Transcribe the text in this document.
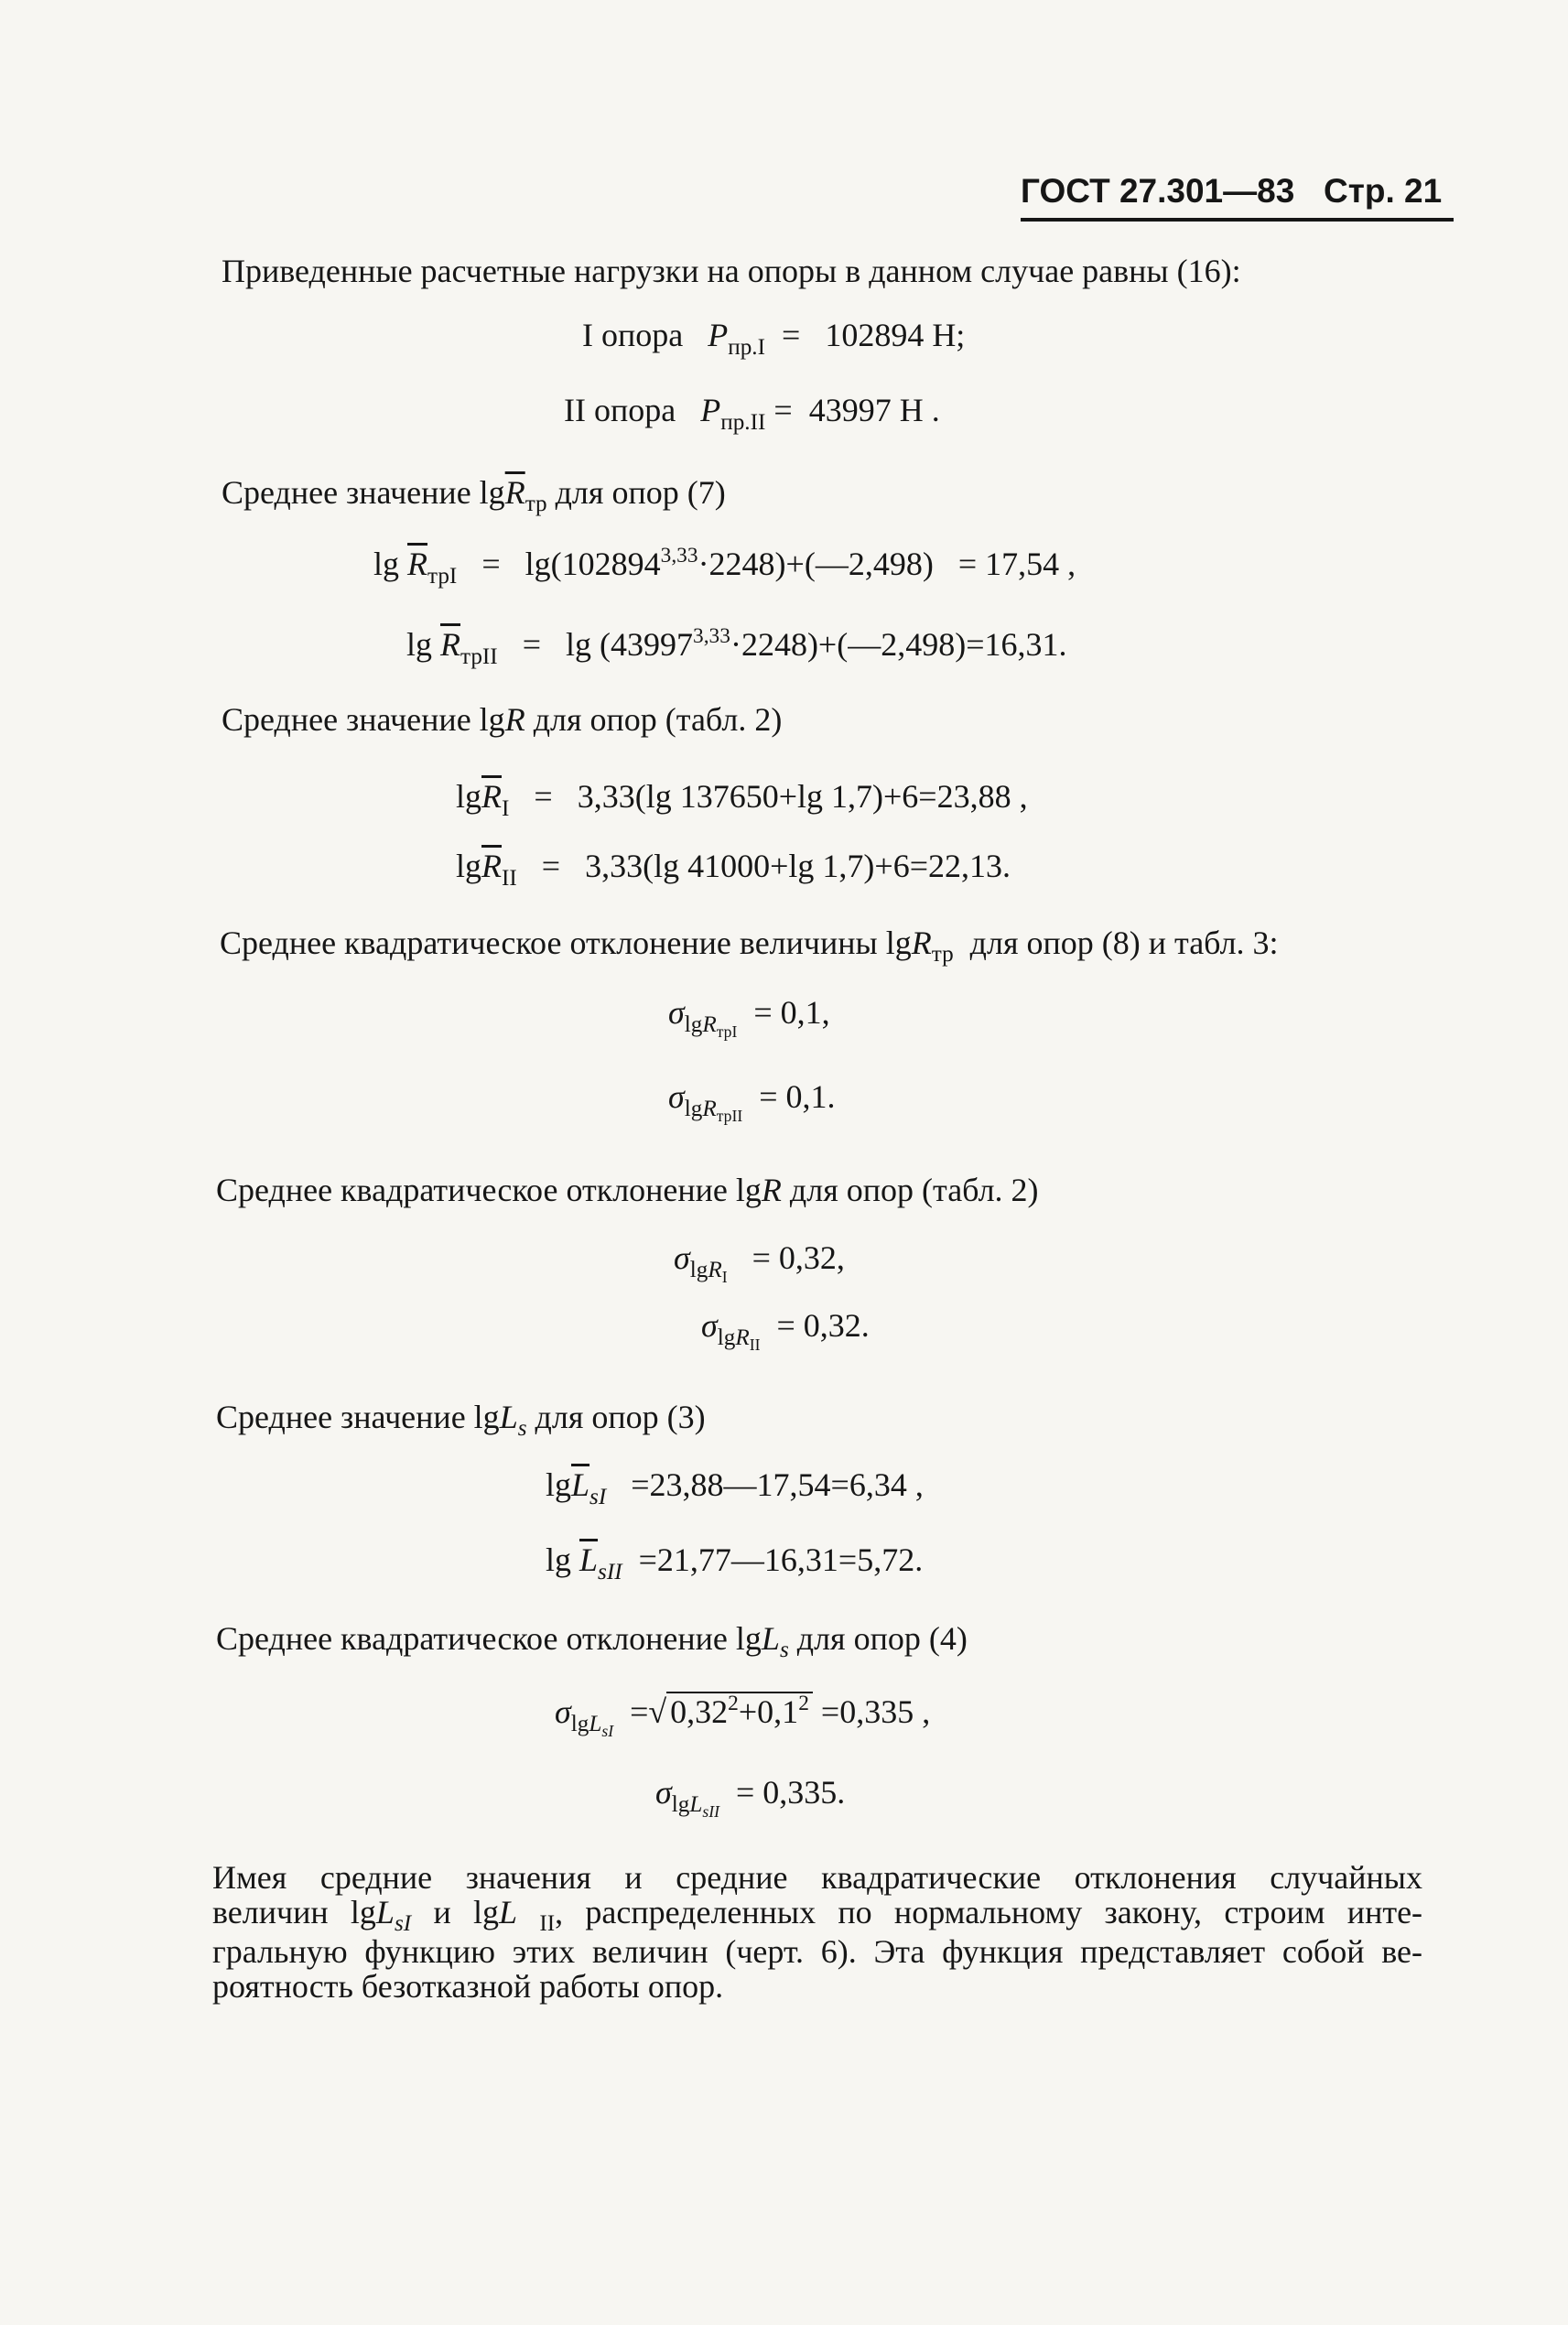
ГОСТ 27.301—83 Стр. 21
Приведенные расчетные нагрузки на опоры в данном случае равны (16):
I опора $P_{пр.I} = 102894$ Н;
II опора $P_{пр.II} = 43997$ Н .
Среднее значение $\lg\overline{R}_{тр}$ для опор (7)
$\lg \overline{R}_{трI}$ = $\lg(102894^{3,33}\cdot 2248)+(—2,498) = 17,54$ ,
$\lg \overline{R}_{трII} = \lg$ $(43997^{3,33}\cdot 2248)+(—2,498)=16,31$.
Среднее значение lgR для опор (табл. 2)
$\lg\overline{R}_I = 3,33(\lg$ 137650+lg 1,7)+6=23,88 ,
$\lg\overline{R}_{II} = 3,33(\lg$ 41000+lg 1,7)+6=22,13.
Среднее квадратическое отклонение величины lgR$_{тр}$ для опор (8) и табл. 3:
$\sigma_{lgR_{трI}} = 0,1$,
$\sigma_{lgR_{трII}} = 0,1$.
Среднее квадратическое отклонение lgR для опор (табл. 2)
$\sigma_{lgR_I} = 0,32$,
$\sigma_{lgR_{II}} = 0,32$.
Среднее значение lgL$_s$ для опор (3)
$\lg\overline{L}_{sI}$ =23,88—17,54=6,34 ,
$\lg \overline{L}_{sII}$ =21,77—16,31=5,72.
Среднее квадратическое отклонение lgL$_s$ для опор (4)
$\sigma_{lgL_{sI}}$  =√ $0,32^2+0,1^2 =0,335$ ,
$\sigma_{lgL_{sII}} = 0,335$.
Имея средние значения и средние квадратические отклонения случайных
величин lgL$_{sI}$ и lgL $_{II}$, распределенных по нормальному закону, строим инте-
гральную функцию этих величин (черт. 6). Эта функция представляет собой ве-
роятность безотказной работы опор.
